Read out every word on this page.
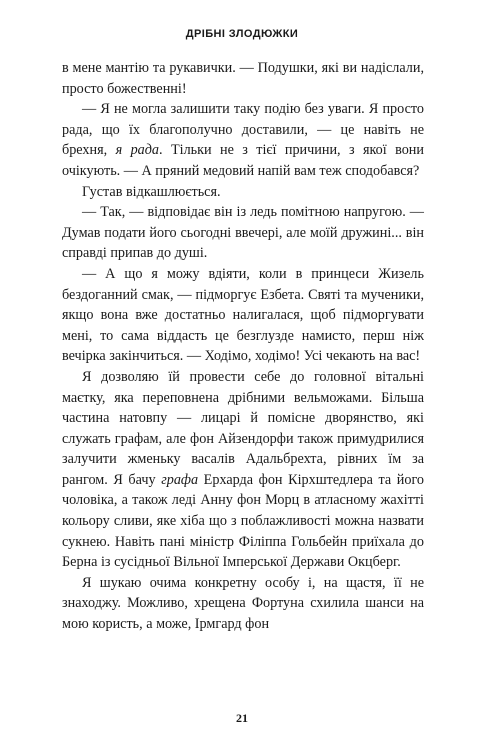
ДРІБНІ ЗЛОДЮЖКИ

в мене мантію та рукавички. — Подушки, які ви надіслали, просто божественні!

— Я не могла залишити таку подію без уваги. Я просто рада, що їх благополучно доставили, — це навіть не брехня, я рада. Тільки не з тієї причини, з якої вони очікують. — А пряний медовий напій вам теж сподобався?

Густав відкашлюється.

— Так, — відповідає він із ледь помітною напругою. — Думав подати його сьогодні ввечері, але моїй дружині... він справді припав до душі.

— А що я можу вдіяти, коли в принцеси Жизель бездоганний смак, — підморгує Езбета. Святі та мученики, якщо вона вже достатньо налигалася, щоб підморгувати мені, то сама віддасть це безглузде намисто, перш ніж вечірка закінчиться. — Ходімо, ходімо! Усі чекають на вас!

Я дозволяю їй провести себе до головної вітальні маєтку, яка переповнена дрібними вельможами. Більша частина натовпу — лицарі й поміснe дворянство, які служать графам, але фон Айзендорфи також примудрилися залучити жменьку васалів Адальбрехта, рівних їм за рангом. Я бачу графа Ерхарда фон Кірхштедлера та його чоловіка, а також леді Анну фон Морц в атласному жахітті кольору сливи, яке хіба що з поблажливості можна назвати сукнею. Навіть пані міністр Філіппа Гольбейн приїхала до Берна із сусідньої Вільної Імперської Держави Окцберг.

Я шукаю очима конкретну особу і, на щастя, її не знаходжу. Можливо, хрещена Фортуна схилила шанси на мою користь, а може, Ірмгард фон

21
